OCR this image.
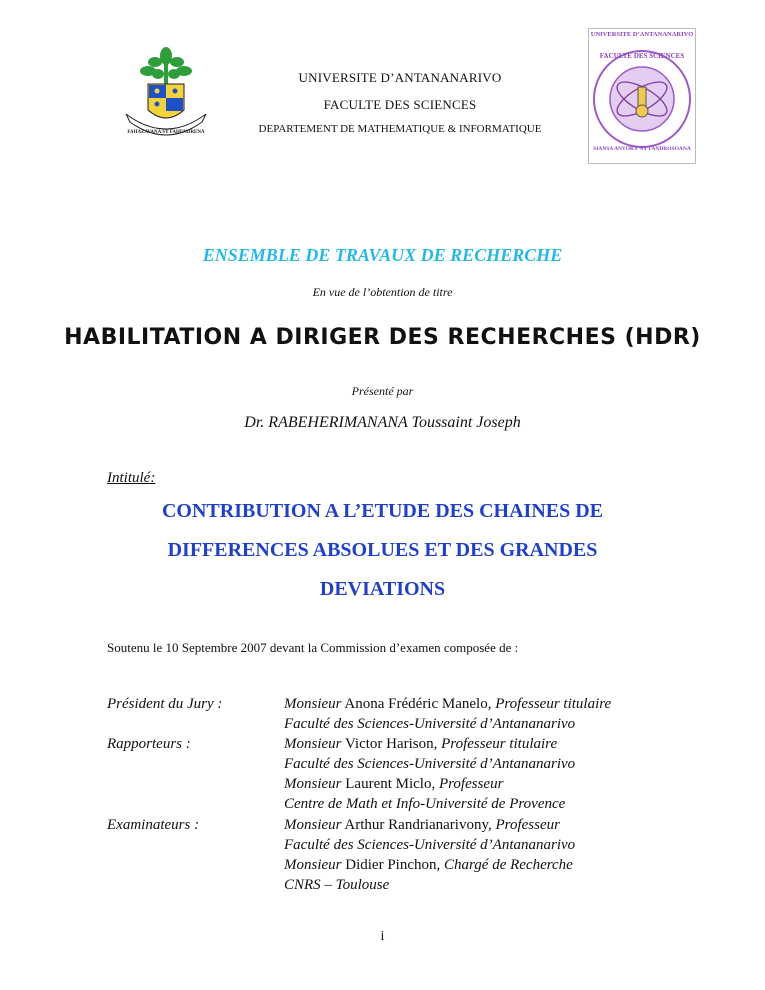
UNIVERSITE D’ANTANANARIVO
FACULTE DES SCIENCES
SIANSA ANTOKY NY FANDROSOANA
FAHAZAVANA SY FAHENDRENA
UNIVERSITE D’ANTANANARIVO
FACULTE DES SCIENCES
DEPARTEMENT DE MATHEMATIQUE & INFORMATIQUE
ENSEMBLE DE TRAVAUX DE RECHERCHE
En vue de l’obtention de titre
HABILITATION A DIRIGER DES RECHERCHES (HDR)
Présenté par
Dr. RABEHERIMANANA Toussaint Joseph
Intitulé:
CONTRIBUTION A L’ETUDE DES CHAINES DE
DIFFERENCES ABSOLUES ET DES GRANDES
DEVIATIONS
Soutenu le 10 Septembre 2007 devant la Commission d’examen composée de :
Président du Jury :
Rapporteurs :
Examinateurs :
Monsieur Anona Frédéric Manelo, Professeur titulaire
Faculté des Sciences-Université d’Antananarivo
Monsieur Victor Harison, Professeur titulaire
Faculté des Sciences-Université d’Antananarivo
Monsieur Laurent Miclo, Professeur
Centre de Math et Info-Université de Provence
Monsieur Arthur Randrianarivony, Professeur
Faculté des Sciences-Université d’Antananarivo
Monsieur Didier Pinchon, Chargé de Recherche
CNRS – Toulouse
i
